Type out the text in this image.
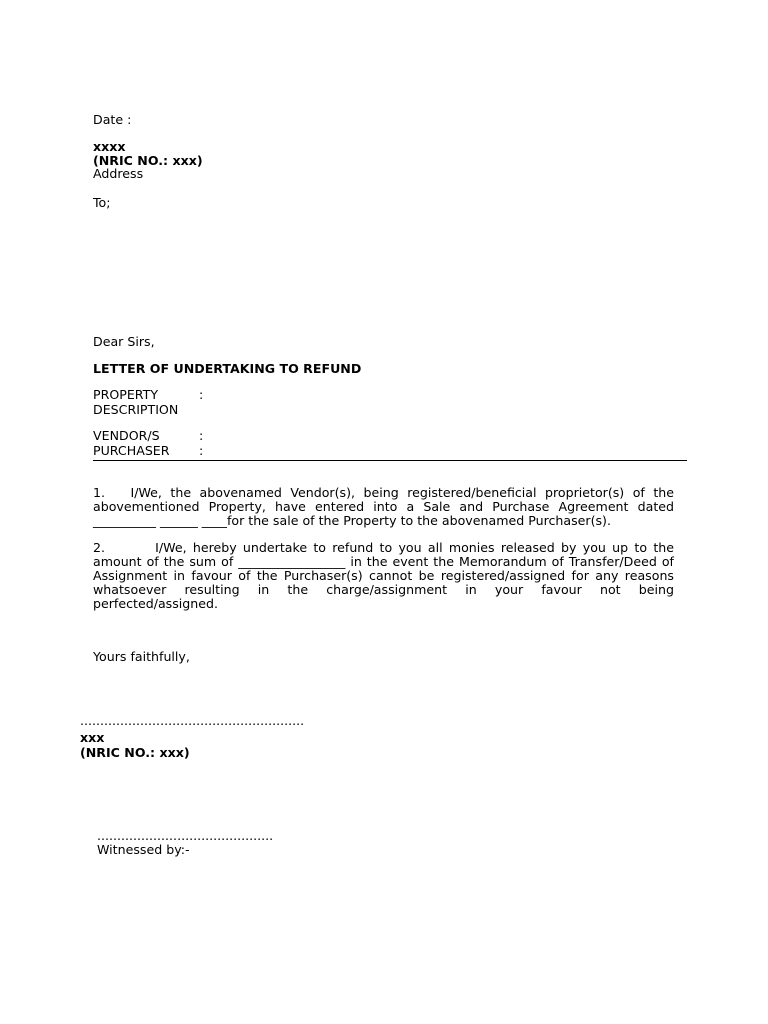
Date :
xxxx
(NRIC NO.: xxx)
Address
To;
Dear Sirs,
LETTER OF UNDERTAKING TO REFUND
PROPERTY	:
DESCRIPTION
VENDOR/S	:
PURCHASER :
1. I/We, the abovenamed Vendor(s), being registered/beneficial proprietor(s) of the abovementioned Property, have entered into a Sale and Purchase Agreement dated __________ ______ ____for the sale of the Property to the abovenamed Purchaser(s).
2.	I/We, hereby undertake to refund to you all monies released by you up to the amount of the sum of _________________ in the event the Memorandum of Transfer/Deed of Assignment in favour of the Purchaser(s) cannot be registered/assigned for any reasons whatsoever resulting in the charge/assignment in your favour not being perfected/assigned.
Yours faithfully,
........................................................
xxx
(NRIC NO.: xxx)
............................................
Witnessed by:-
